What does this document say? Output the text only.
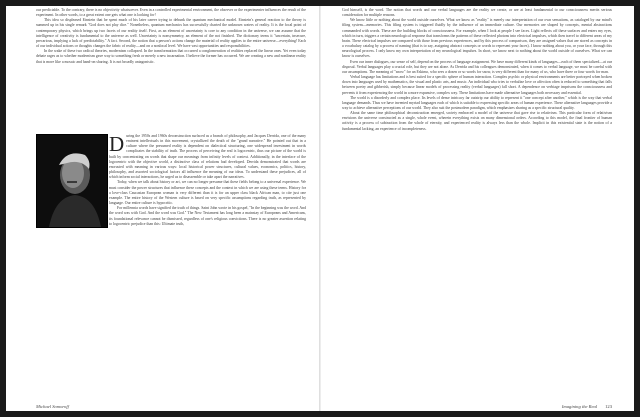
our predictable. To the contrary, there is no objectivity whatsoever. Even in a controlled experimental environment, the observer or the experimenter influences the result of the experiment. In other words, to a great extent one gets what one is looking for!

This idea so displeased Einstein that he spent much of his later career trying to debunk the quantum mechanical model. Einstein's general reaction to the theory is summed up in his single remark "God does not play dice." Nonetheless, quantum mechanics has successfully charted the unknown waters of reality. It is the focal point of contemporary physics, which brings up two facets of our reality itself. First, as an element of uncertainty is core to any condition in the universe, we can assume that the intelligence of creativity is fundamental to the universe as well. Uncertainty is nonsymmetry, an element of the not finished. The dictionary terms it "uncertain, insecure, precarious, implying a lack of predictability." A fact. Second, the notion that a person's actions change the material of reality applies to the entire universe—everything! Each of our individual actions or thoughts changes the fabric of reality—and on a nonlocal level. We have vast opportunities and responsibilities.

In the wake of these two radical theories, modernism collapsed. In the transformation that occurred a conglomeration of realities replaced the linear ones. Yet even today debate rages as to whether modernism gave way to something fresh or merely a new incarnation. I believe the former has occurred. We are creating a new and nonlinear reality that is more like a mosaic and hand-on sharing. It is not broadly antagonistic.

During the 1950s and 1960s deconstruction surfaced as a branch of philosophy, and Jacques Derrida, one of the many eminent intellectuals in this movement, crystallized the death of the "grand narrative." He pointed out that in a culture where the presumed reality is dependent on dialectical structuring, one widespread investment in words complicates the stability of truth. The process of perceiving the real is logocentric, thus our picture of the world is built by concentrating on words that shape our meanings from infinity levels of context. Additionally, in the interface of the logocentric with the objective world, a distinctive class of relations had developed. Derrida demonstrated that words are encrusted with meaning in various ways: local historical power structures, cultural values, economics, politics, history, philosophy, and assorted sociological factors all influence the meaning of our ideas. To understand these prejudices, all of which inform social interactions, he urged us to disassemble or take apart the narratives.

Today, when we talk about history or art, we can no longer presume that these fields belong to a universal experience. We must consider the power structures that influence these concepts and the context in which we are using these terms. History for a love-class Caucasian European woman is very different than it is for an upper class black African man, to cite just one example. The entire history of the Western culture is based on very specific assumptions regarding truth, as represented by language. Our entire culture is hypocritic.

For millennia words have signified the truth of things. Saint John wrote in his gospel, "In the beginning was the word. And the word was with God. And the word was God." The New Testament has long been a mainstay of Europeans and Americans, its foundational relevance cannot be dismissed, regardless of one's religious convictions. There is no greater assertion relating to logocentric prejudice than this: Ultimate truth,

Michael Somoroff

God himself, is the word. The notion that words and our verbal languages are the reality we create, or are at least fundamental to our consciousness merits serious consideration for multiple reasons.

We know little or nothing about the world outside ourselves. What we know as "reality" is merely our interpretation of our own sensations, as cataloged by our mind's filing system—memories. This filing system is triggered fluidly by the influence of an immediate culture. Our memories are shaped by concepts, mental abstractions commanded with words. These are the building blocks of consciousness. For example, when I look at people I see faces. Light reflects off these surfaces and enters my eyes, which in turn, triggers a certain neurological response that transforms the patterns of these reflected photons into electrical impulses, which then travel to different areas of my brain. These electrical impulses are compared with those from previous experiences, and by this process of comparison, they are assigned values that are stored as concepts in a vocabulary catalog by a process of naming (that is to say, assigning abstract concepts or words to represent your faces). I know nothing about you, or your face, through this neurological process. I only know my own interpretation of my neurological impulses. In short, we know next to nothing about the world outside of ourselves. What we can know is ourselves.

Even our inner dialogues, our sense of self, depend on the process of language assignment. We have many different kinds of languages—each of them specialized—at our disposal. Verbal languages play a crucial role, but they are not alone. As Derrida and his colleagues demonstrated, when it comes to verbal language, we must be careful with our assumptions. The meaning of "snow" for an Eskimo, who sees a dozen or so words for snow, is very different than for many of us, who have three or four words for man.

Verbal language has limitations and is best suited for a specific sphere of human interaction. Complex psychic or physical environments are better portrayed when broken down into languages used by mathematics, the visual and plastic arts, and music. An individual who tries to verbalize love or affection often is reduced to something that falls between poetry and gibberish, simply because linear models of processing reality (verbal languages) fall short. A dependence on verbiage imprisons the consciousness and prevents it from experiencing the world in a more expansive, complex way. These limitations have made alternative languages both necessary and essential.

The world is a disorderly and complex place. Its levels of dense intricacy far outstrip our ability to represent it "one concept after another," which is the way that verbal language demands. Thus we have invented myriad languages each of which is suitable to expressing specific areas of human experience. These alternative languages provide a way to achieve alternative perceptions of our world. They also suit the postmodern paradigm, which emphasizes sharing as a specific structural quality.

About the same time philosophical deconstruction emerged, society embraced a model of the universe that gave rise to relativism. This particular form of relativism envisions the universe constructed as a single, whole event, wherein everything exists on many dimensional orders. According to this model, the final frontier of human activity is a process of subtraction from the whole of eternity, and experienced reality is always less than the whole. Implicit in this existential state is the notion of a fundamental lacking, an experience of incompleteness.

Imagining the Real 123
